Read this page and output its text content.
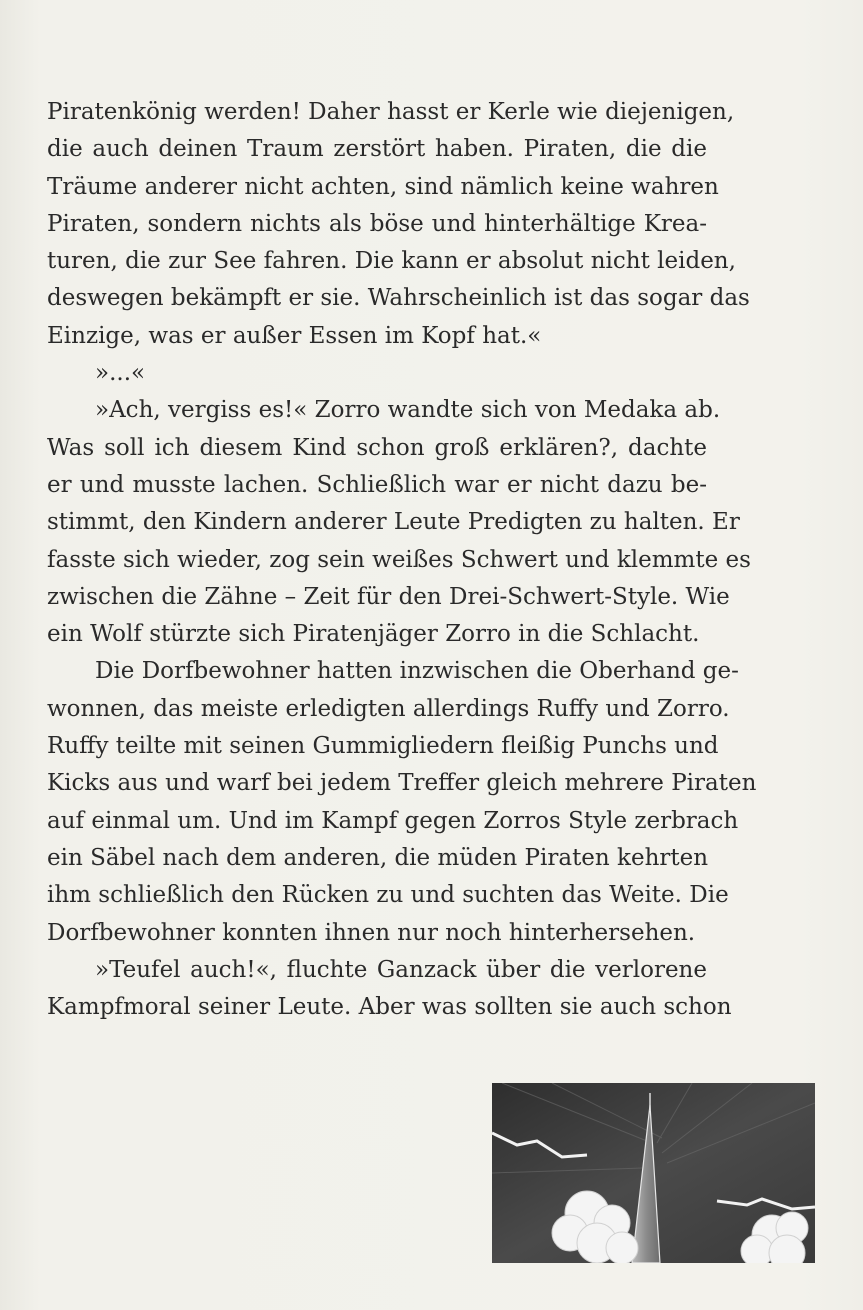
Piratenkönig werden! Daher hasst er Kerle wie diejenigen,
die auch deinen Traum zerstört haben. Piraten, die die
Träume anderer nicht achten, sind nämlich keine wahren
Piraten, sondern nichts als böse und hinterhältige Krea-
turen, die zur See fahren. Die kann er absolut nicht leiden,
deswegen bekämpft er sie. Wahrscheinlich ist das sogar das
Einzige, was er außer Essen im Kopf hat.«

»...«

»Ach, vergiss es!« Zorro wandte sich von Medaka ab.
Was soll ich diesem Kind schon groß erklären?, dachte
er und musste lachen. Schließlich war er nicht dazu be-
stimmt, den Kindern anderer Leute Predigten zu halten. Er
fasste sich wieder, zog sein weißes Schwert und klemmte es
zwischen die Zähne – Zeit für den Drei-Schwert-Style. Wie
ein Wolf stürzte sich Piratenjäger Zorro in die Schlacht.

Die Dorfbewohner hatten inzwischen die Oberhand ge-
wonnen, das meiste erledigten allerdings Ruffy und Zorro.
Ruffy teilte mit seinen Gummigliedern fleißig Punchs und
Kicks aus und warf bei jedem Treffer gleich mehrere Piraten
auf einmal um. Und im Kampf gegen Zorros Style zerbrach
ein Säbel nach dem anderen, die müden Piraten kehrten
ihm schließlich den Rücken zu und suchten das Weite. Die
Dorfbewohner konnten ihnen nur noch hinterhersehen.

»Teufel auch!«, fluchte Ganzack über die verlorene
Kampfmoral seiner Leute. Aber was sollten sie auch schon
